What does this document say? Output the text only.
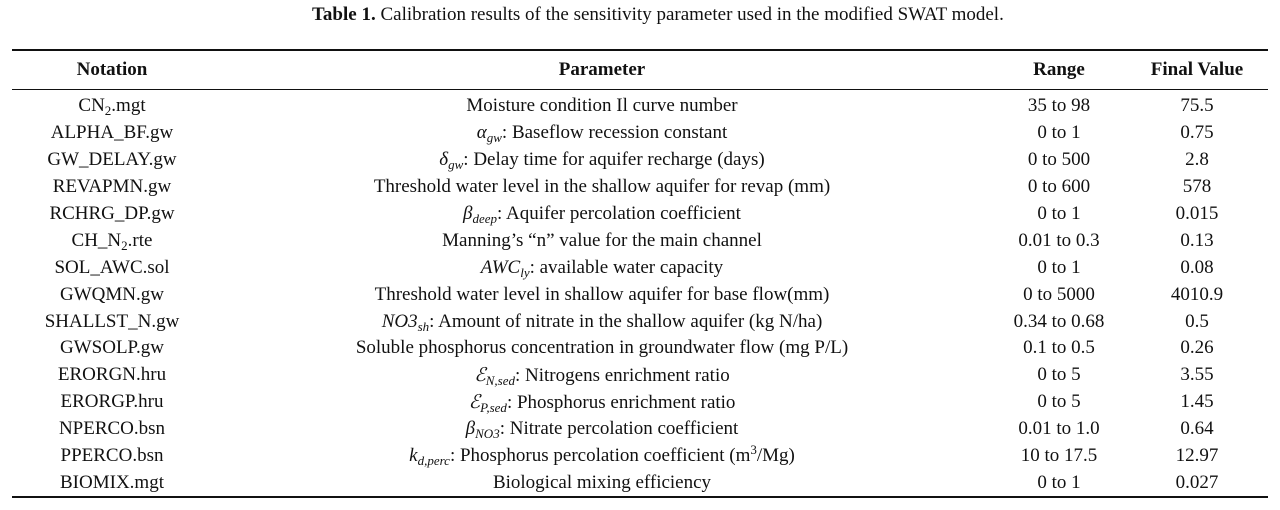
Table 1. Calibration results of the sensitivity parameter used in the modified SWAT model.
Notation	Parameter	Range	Final Value
$CN_2.mgt$	Moisture condition Il curve number	35 to 98	75.5
ALPHA_BF.gw	$\alpha_{gw}$: Baseflow recession constant	0 to 1	0.75
GW_DELAY.gw	$\delta_{gw}$: Delay time for aquifer recharge (days)	0 to 500	2.8
REVAPMN.gw	Threshold water level in the shallow aquifer for revap (mm)	0 to 600	578
RCHRG_DP.gw	$\beta_{deep}$: Aquifer percolation coefficient	0 to 1	0.015
$CH\_N_2.rte$	Manning’s “n” value for the main channel	0.01 to 0.3	0.13
SOL_AWC.sol	$AWC_{ly}$: available water capacity	0 to 1	0.08
GWQMN.gw	Threshold water level in shallow aquifer for base flow(mm)	0 to 5000	4010.9
SHALLST_N.gw	$NO3_{sh}$: Amount of nitrate in the shallow aquifer (kg N/ha)	0.34 to 0.68	0.5
GWSOLP.gw	Soluble phosphorus concentration in groundwater flow (mg P/L)	0.1 to 0.5	0.26
ERORGN.hru	ℰ$_{N,sed}$: Nitrogens enrichment ratio	0 to 5	3.55
ERORGP.hru	ℰ$_{P,sed}$: Phosphorus enrichment ratio	0 to 5	1.45
NPERCO.bsn	$\beta_{NO3}$: Nitrate percolation coefficient	0.01 to 1.0	0.64
PPERCO.bsn	$k_{d,perc}$: Phosphorus percolation coefficient $(m^3/Mg)$	10 to 17.5	12.97
BIOMIX.mgt	Biological mixing efficiency	0 to 1	0.027
